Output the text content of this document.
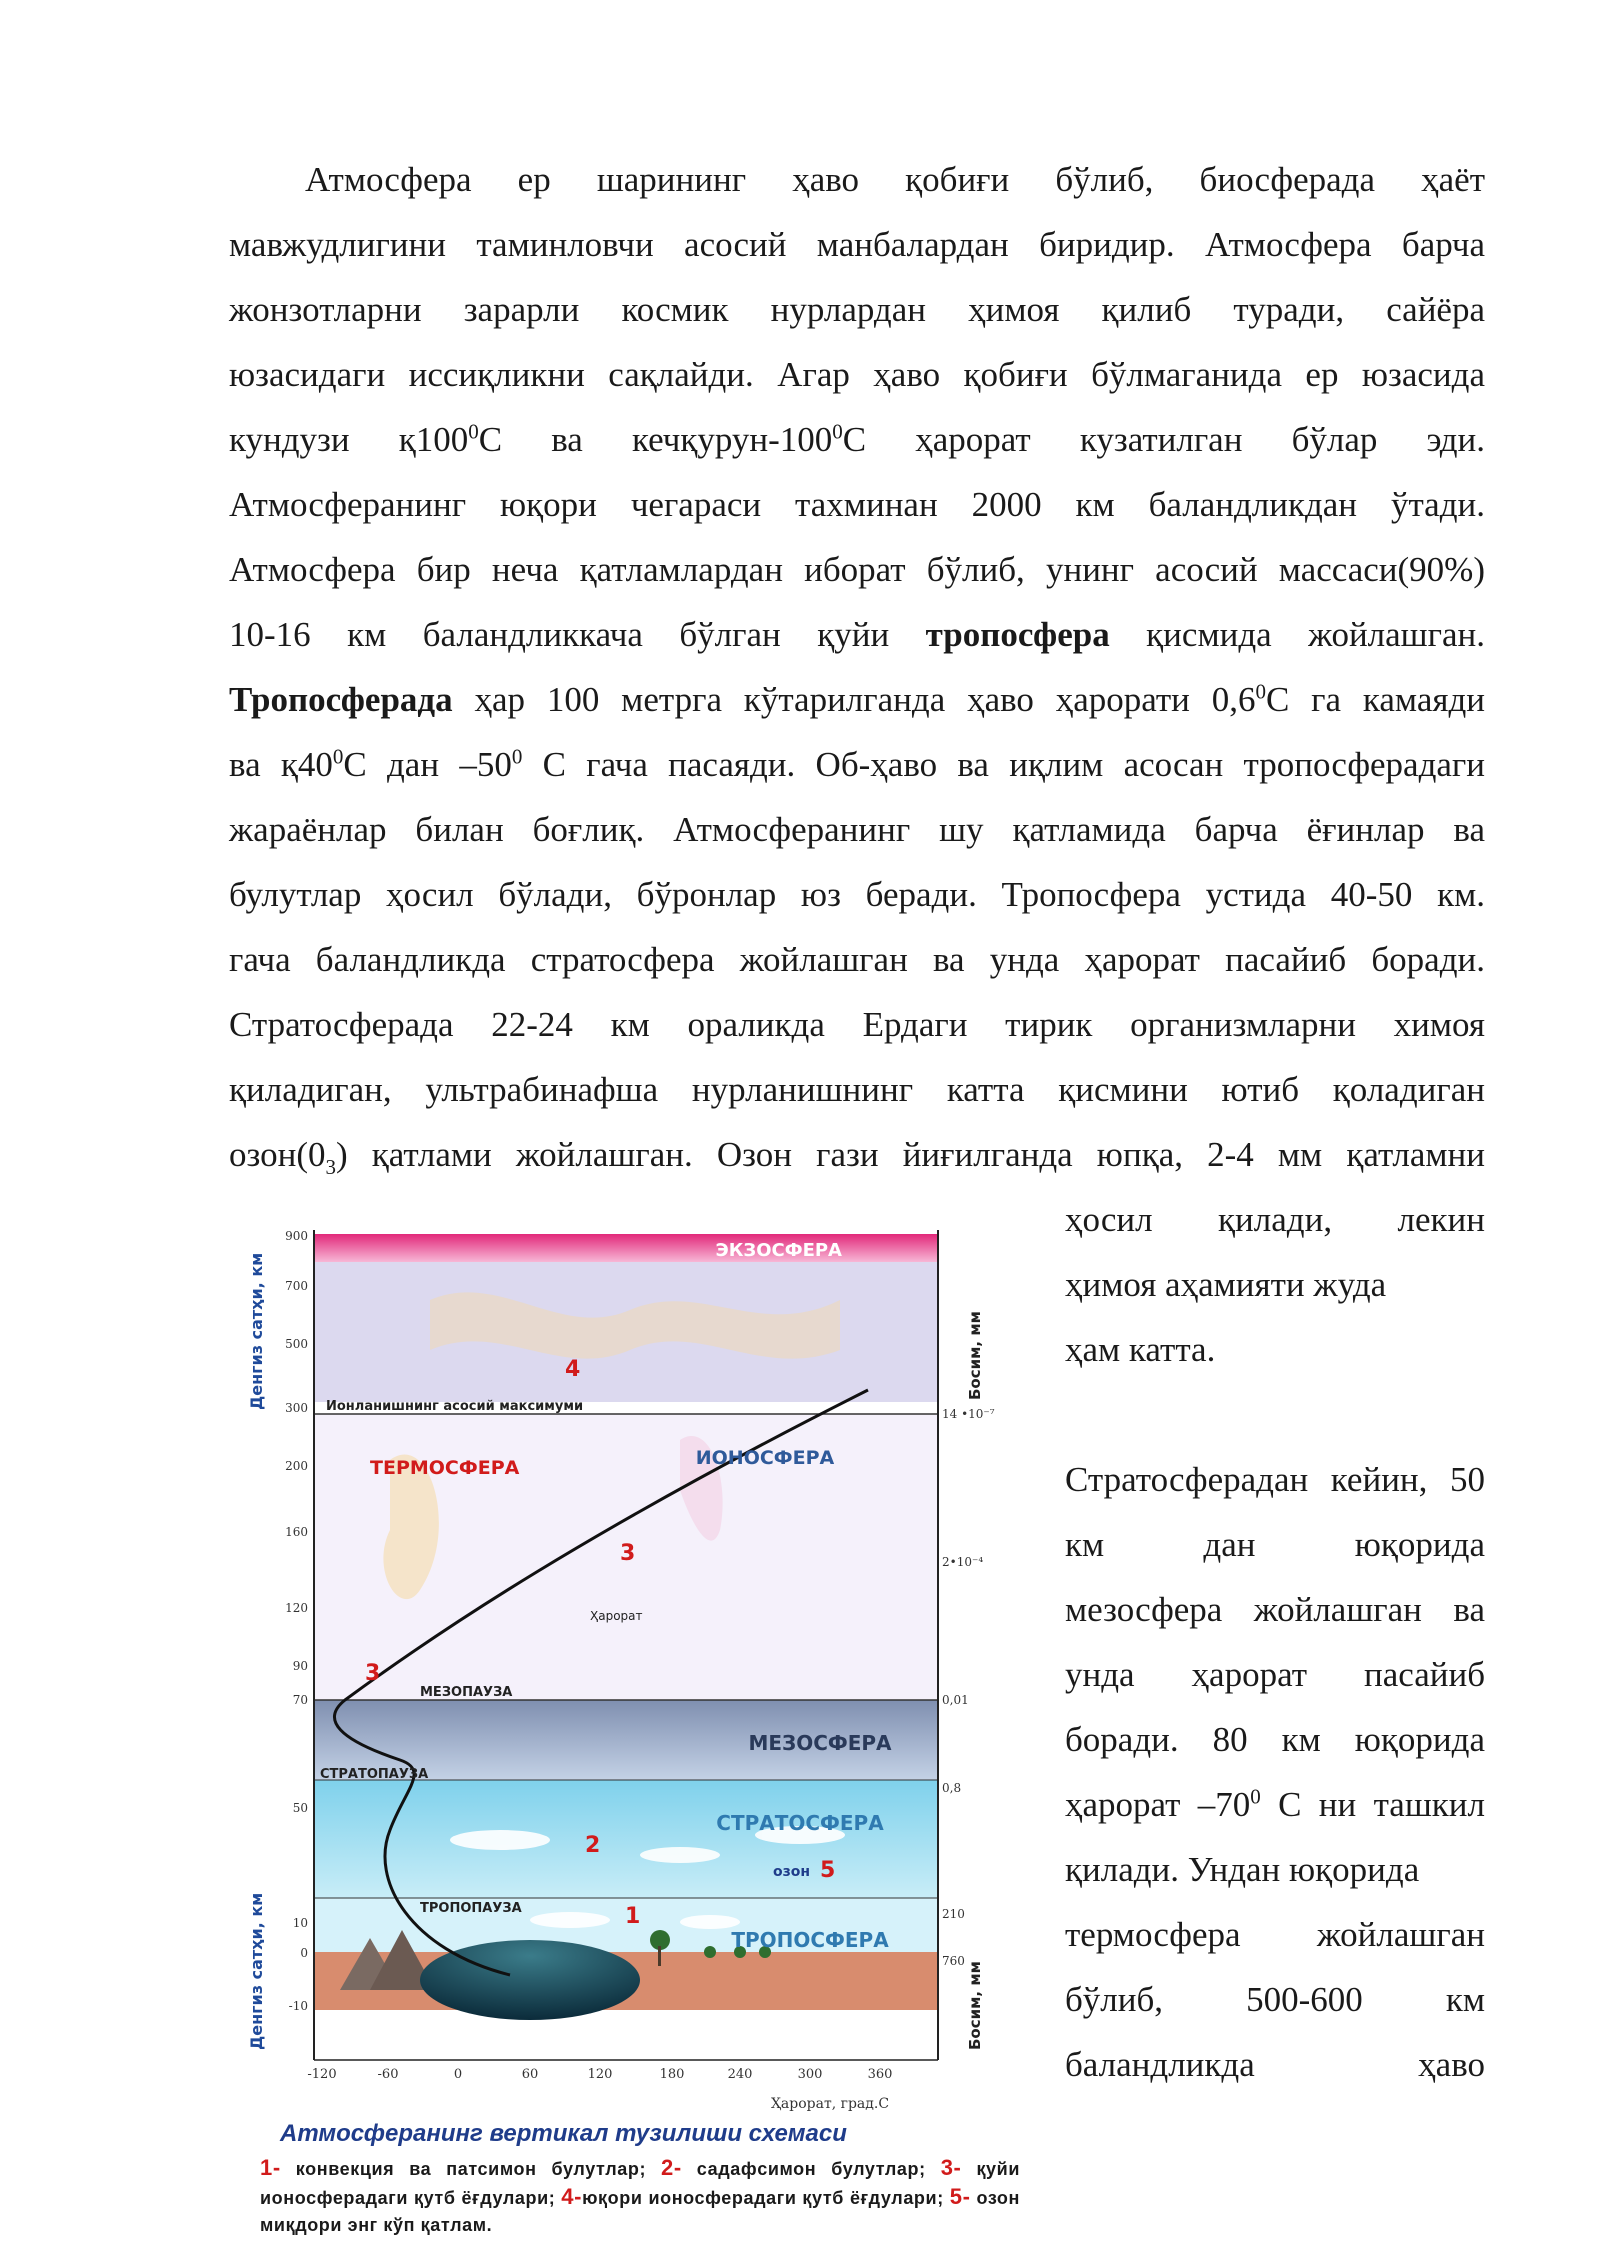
Атмосфера ер шарининг ҳаво қобиғи бўлиб, биосферада ҳаёт
мавжудлигини таминловчи асосий манбалардан биридир. Атмосфера барча
жонзотларни зарарли космик нурлардан ҳимоя қилиб туради, сайёра
юзасидаги иссиқликни сақлайди. Агар ҳаво қобиғи бўлмаганида ер юзасида
кундузи $қ100^0С$ ва кечқурун-$100^0С$ ҳарорат кузатилган бўлар эди.
Атмосферанинг юқори чегараси тахминан 2000 км баландликдан ўтади.
Атмосфера бир неча қатламлардан иборат бўлиб, унинг асосий массаси(90%)
10-16 км баландликкача бўлган қуйи тропосфера қисмида жойлашган.
Тропосферада ҳар 100 метрга кўтарилганда ҳаво ҳарорати $0,6^0С$ га камаяди
ва $қ40^0С$ дан $-50^0$ С гача пасаяди. Об-ҳаво ва иқлим асосан тропосферадаги
жараёнлар билан боғлиқ. Атмосферанинг шу қатламида барча ёғинлар ва
булутлар ҳосил бўлади, бўронлар юз беради. Тропосфера устида 40-50 км.
гача баландликда стратосфера жойлашган ва унда ҳарорат пасайиб боради.
Стратосферада 22-24 км ораликда Ердаги тирик организмларни химоя
қиладиган, ультрабинафша нурланишнинг катта қисмини ютиб қоладиган
$озон(0_3)$ қатлами жойлашган. Озон гази йиғилганда юпқа, 2-4 мм қатламни
ҳосил қилади, лекин
ҳимоя аҳамияти жуда
ҳам катта.
Стратосферадан кейин, 50
км дан юқорида
мезосфера жойлашган ва
унда ҳарорат пасайиб
боради. 80 км юқорида
ҳарорат $-70^0$ С ни ташкил
қилади. Ундан юқорида
термосфера жойлашган
бўлиб, 500-600 км
баландликда ҳаво
900
700
500
300
200
160
120
90
70
50
10
0
-10
14 •10⁻⁷
2•10⁻⁴
0,01
0,8
210
760
Денгиз сатҳи, км
Денгиз сатҳи, км
Босим, мм
Босим, мм
-120	-60	0	60	120	180	240	300	360
Ҳарорат, град.С
ЭКЗОСФЕРА
Ионланишнинг асосий максимуми
ТЕРМОСФЕРА	ИОНОСФЕРА
Ҳарорат
МЕЗОПАУЗА
МЕЗОСФЕРА
СТРАТОПАУЗА
СТРАТОСФЕРА
озон
ТРОПОПАУЗА
ТРОПОСФЕРА
4
3
3
2
5
1

Атмосферанинг вертикал тузилиши схемаси

1- конвекция ва патсимон булутлар; 2- садафсимон булутлар; 3- қуйи ионосферадаги қутб ёғдулари; 4-юқори ионосферадаги қутб ёғдулари; 5- озон миқдори энг кўп қатлам.
